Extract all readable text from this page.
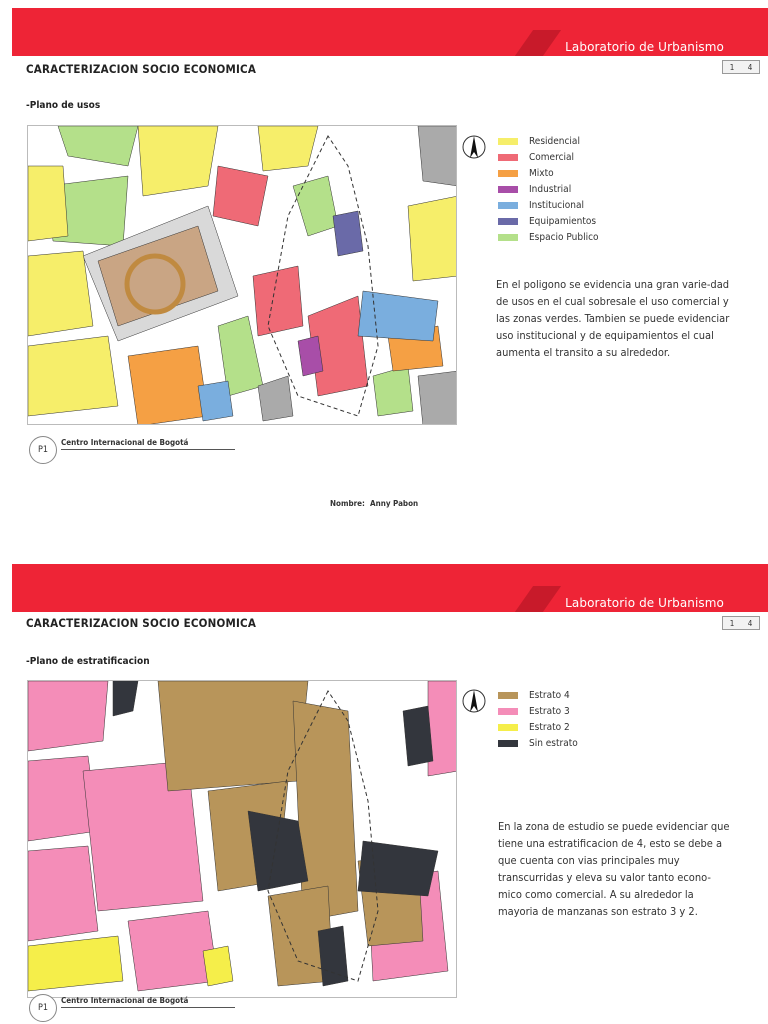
Laboratorio de Urbanismo
1 4
CARACTERIZACION SOCIO ECONOMICA
-Plano de usos
Residencial
Comercial
Mixto
Industrial
Institucional
Equipamientos
Espacio Publico
En el poligono se evidencia una gran varie-dad de usos en el cual sobresale el uso comercial y las zonas verdes. Tambien se puede evidenciar uso institucional y de equipamientos el cual aumenta el transito a su alrededor.
P1
Centro Internacional de Bogotá
Nombre: Anny Pabon
Laboratorio de Urbanismo
1 4
CARACTERIZACION SOCIO ECONOMICA
-Plano de estratificacion
Estrato 4
Estrato 3
Estrato 2
Sin estrato
En la zona de estudio se puede evidenciar que tiene una estratificacion de 4, esto se debe a que cuenta con vias principales muy transcurridas y eleva su valor tanto econo-mico como comercial. A su alrededor la mayoria de manzanas son estrato 3 y 2.
P1
Centro Internacional de Bogotá
